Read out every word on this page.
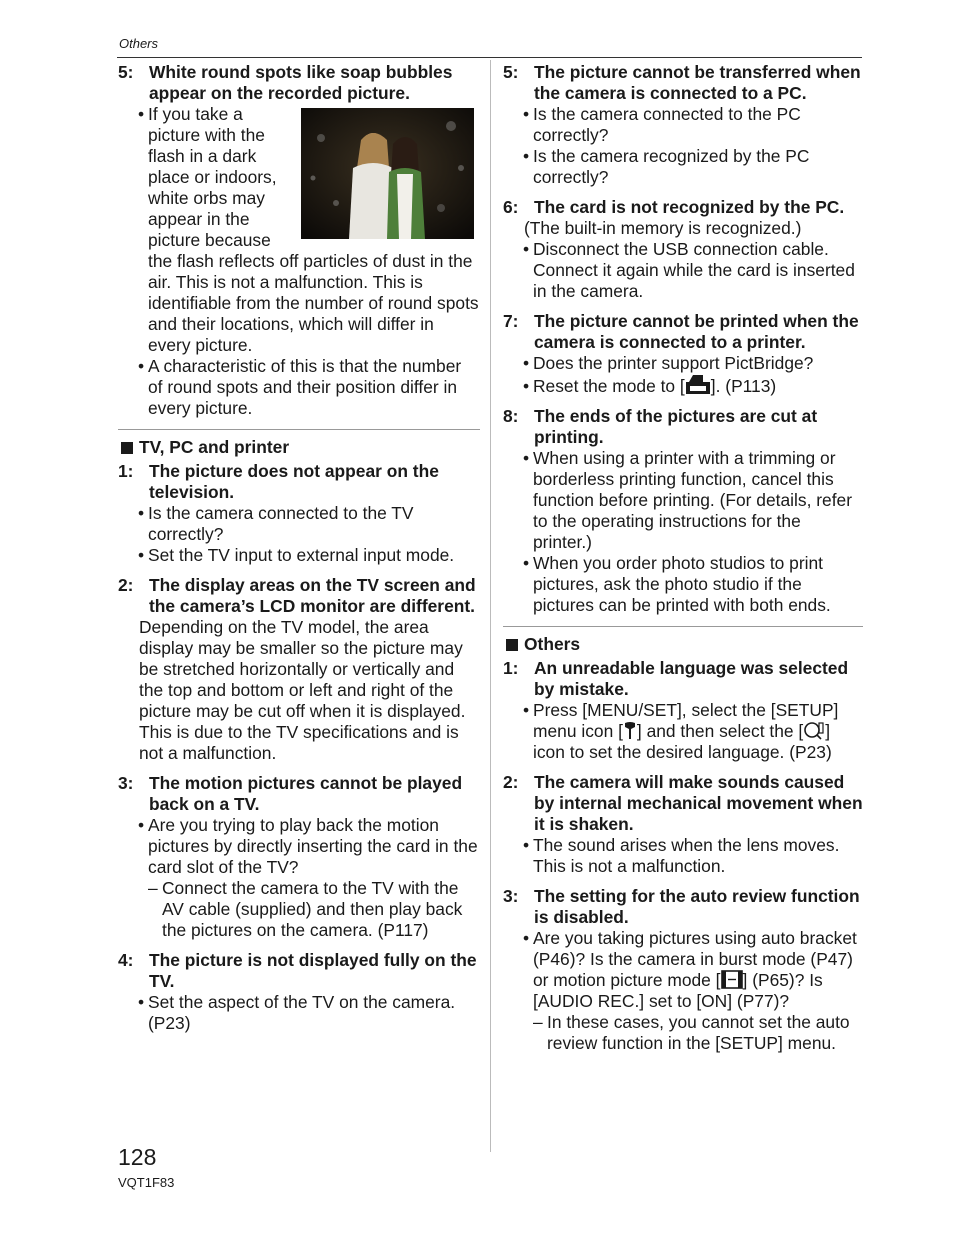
Others
5: White round spots like soap bubbles appear on the recorded picture.
• If you take a picture with the flash in a dark place or indoors, white orbs may appear in the picture because the flash reflects off particles of dust in the air. This is not a malfunction. This is identifiable from the number of round spots and their locations, which will differ in every picture.
• A characteristic of this is that the number of round spots and their position differ in every picture.
TV, PC and printer
1: The picture does not appear on the television.
• Is the camera connected to the TV correctly?
• Set the TV input to external input mode.
2: The display areas on the TV screen and the camera’s LCD monitor are different.
Depending on the TV model, the area display may be smaller so the picture may be stretched horizontally or vertically and the top and bottom or left and right of the picture may be cut off when it is displayed. This is due to the TV specifications and is not a malfunction.
3: The motion pictures cannot be played back on a TV.
• Are you trying to play back the motion pictures by directly inserting the card in the card slot of the TV?
– Connect the camera to the TV with the AV cable (supplied) and then play back the pictures on the camera. (P117)
4: The picture is not displayed fully on the TV.
• Set the aspect of the TV on the camera. (P23)
5: The picture cannot be transferred when the camera is connected to a PC.
• Is the camera connected to the PC correctly?
• Is the camera recognized by the PC correctly?
6: The card is not recognized by the PC.
(The built-in memory is recognized.)
• Disconnect the USB connection cable. Connect it again while the card is inserted in the camera.
7: The picture cannot be printed when the camera is connected to a printer.
• Does the printer support PictBridge?
• Reset the mode to [ ]. (P113)
8: The ends of the pictures are cut at printing.
• When using a printer with a trimming or borderless printing function, cancel this function before printing. (For details, refer to the operating instructions for the printer.)
• When you order photo studios to print pictures, ask the photo studio if the pictures can be printed with both ends.
Others
1: An unreadable language was selected by mistake.
• Press [MENU/SET], select the [SETUP] menu icon [ ] and then select the [ ] icon to set the desired language. (P23)
2: The camera will make sounds caused by internal mechanical movement when it is shaken.
• The sound arises when the lens moves. This is not a malfunction.
3: The setting for the auto review function is disabled.
• Are you taking pictures using auto bracket (P46)? Is the camera in burst mode (P47) or motion picture mode [ ] (P65)? Is [AUDIO REC.] set to [ON] (P77)?
– In these cases, you cannot set the auto review function in the [SETUP] menu.
128
VQT1F83
